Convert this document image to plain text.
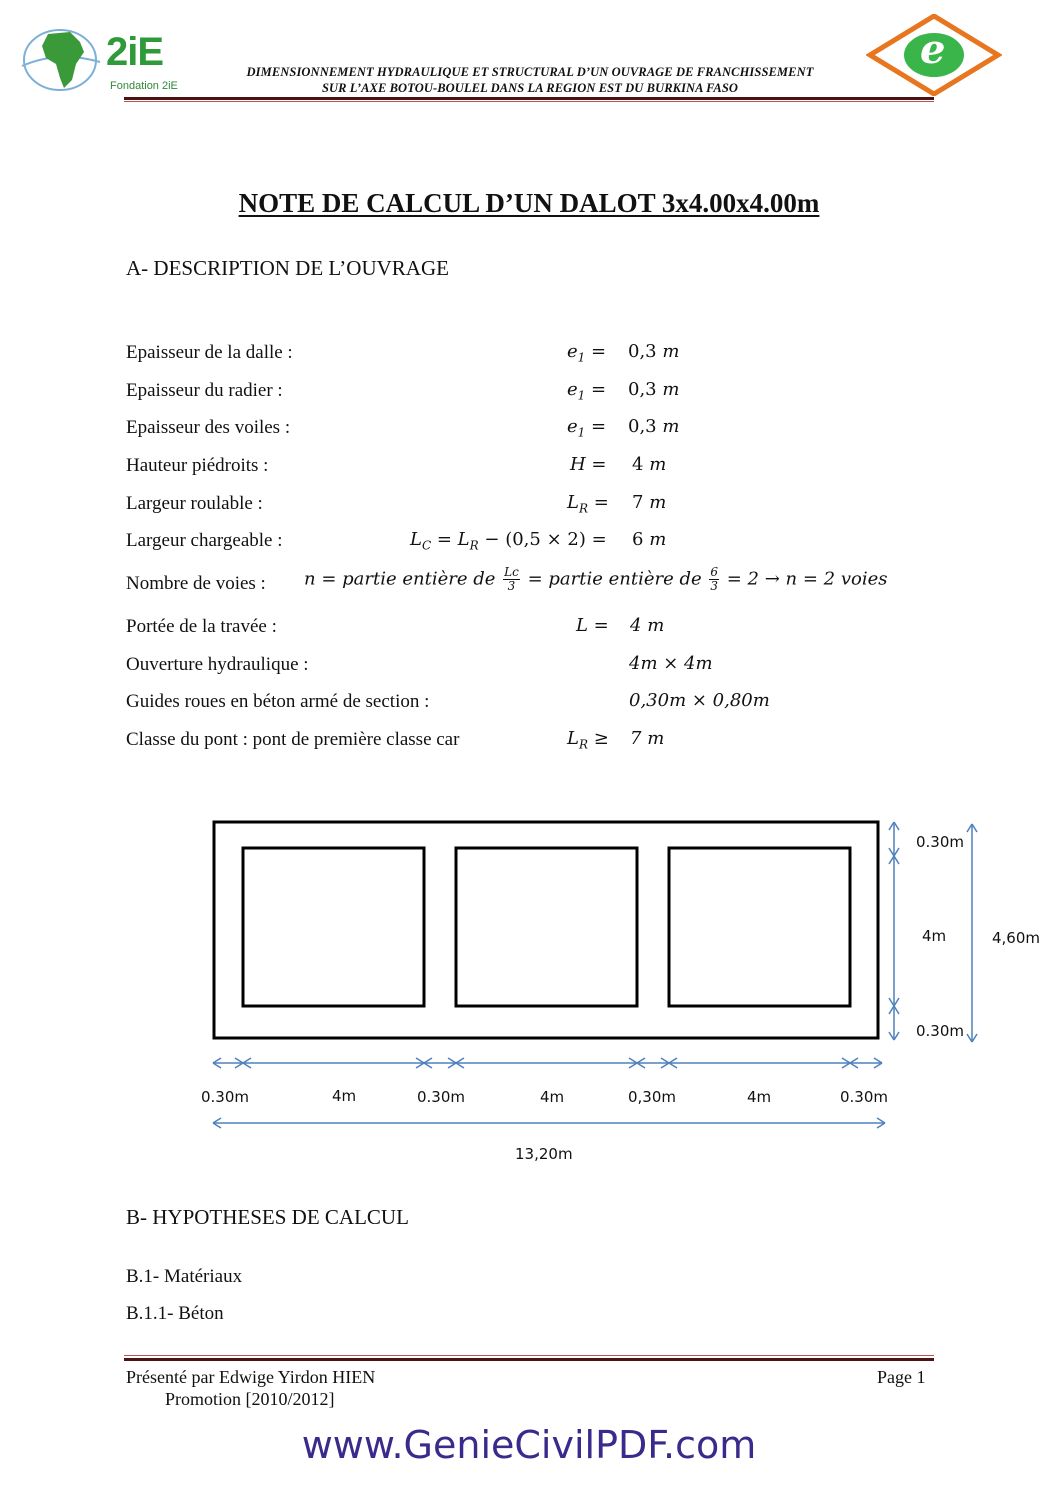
2iE
Fondation 2iE
DIMENSIONNEMENT HYDRAULIQUE ET STRUCTURAL D’UN OUVRAGE DE FRANCHISSEMENT
SUR L’AXE BOTOU-BOULEL DANS LA REGION EST DU BURKINA FASO
e
NOTE DE CALCUL D’UN DALOT 3x4.00x4.00m
A- DESCRIPTION DE L’OUVRAGE
Epaisseur de la dalle :	$e_1 = 0,3$ m
Epaisseur du radier :	$e_1 = 0,3$ m
Epaisseur des voiles :	$e_1 = 0,3$ m
Hauteur piédroits :	H = 4 m
Largeur roulable :	$L_R = 7$ m
Largeur chargeable :	$L_C = L_R - (0,5 \times 2) = 6$ m
Nombre de voies : n = partie entière de $\frac{Lc}{3}$ = partie entière de $\frac{6}{3} = 2 \to n = 2$ voies
Portée de la travée :	L = 4 m
Ouverture hydraulique :	4m × 4m
Guides roues en béton armé de section :	0,30m × 0,80m
Classe du pont : pont de première classe car	$L_R \ge 7$ m
0.30m
4m
0.30m
4,60m
0.30m	4m	0.30m	4m	0,30m	4m	0.30m
13,20m
B- HYPOTHESES DE CALCUL
B.1- Matériaux
B.1.1- Béton
Présenté par Edwige Yirdon HIEN
Promotion [2010/2012]
Page 1
www.GenieCivilPDF.com
